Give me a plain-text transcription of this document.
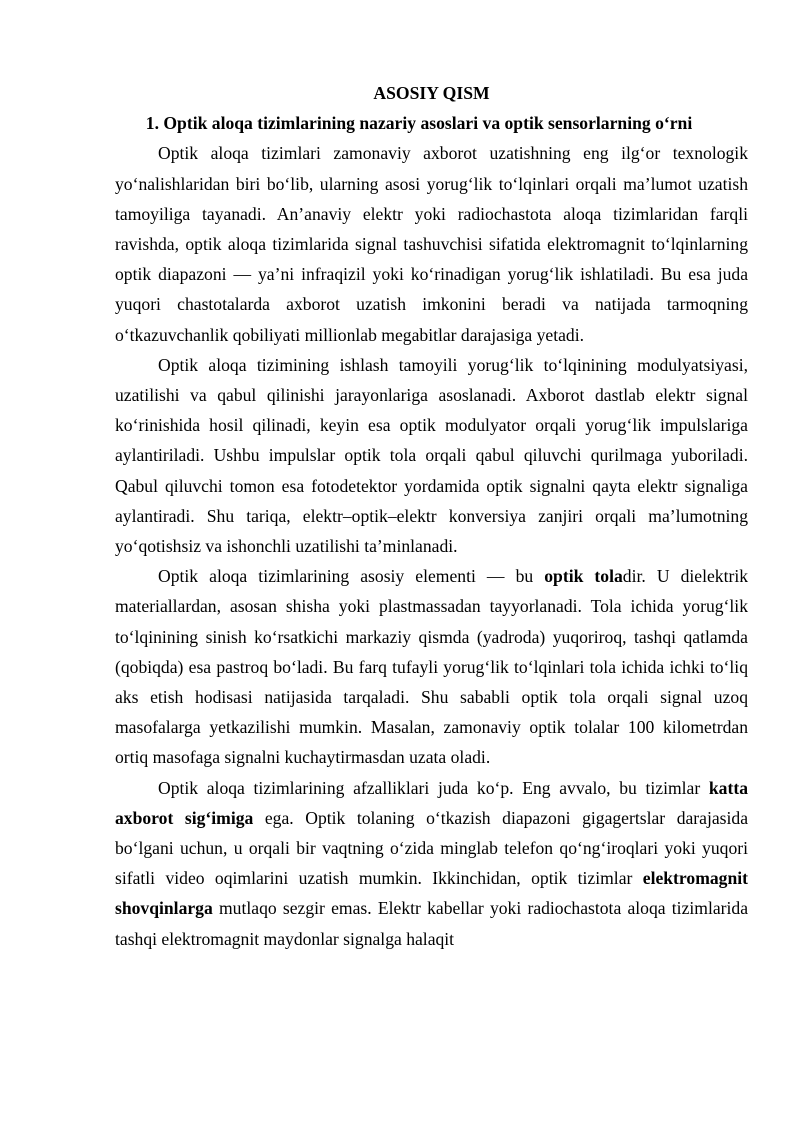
ASOSIY QISM
1. Optik aloqa tizimlarining nazariy asoslari va optik sensorlarning o‘rni

Optik aloqa tizimlari zamonaviy axborot uzatishning eng ilg‘or texnologik yo‘nalishlaridan biri bo‘lib, ularning asosi yorug‘lik to‘lqinlari orqali ma’lumot uzatish tamoyiliga tayanadi. An’anaviy elektr yoki radiochastota aloqa tizimlaridan farqli ravishda, optik aloqa tizimlarida signal tashuvchisi sifatida elektromagnit to‘lqinlarning optik diapazoni — ya’ni infraqizil yoki ko‘rinadigan yorug‘lik ishlatiladi. Bu esa juda yuqori chastotalarda axborot uzatish imkonini beradi va natijada tarmoqning o‘tkazuvchanlik qobiliyati millionlab megabitlar darajasiga yetadi.

Optik aloqa tizimining ishlash tamoyili yorug‘lik to‘lqinining modulyatsiyasi, uzatilishi va qabul qilinishi jarayonlariga asoslanadi. Axborot dastlab elektr signal ko‘rinishida hosil qilinadi, keyin esa optik modulyator orqali yorug‘lik impulslariga aylantiriladi. Ushbu impulslar optik tola orqali qabul qiluvchi qurilmaga yuboriladi. Qabul qiluvchi tomon esa fotodetektor yordamida optik signalni qayta elektr signaliga aylantiradi. Shu tariqa, elektr–optik–elektr konversiya zanjiri orqali ma’lumotning yo‘qotishsiz va ishonchli uzatilishi ta’minlanadi.

Optik aloqa tizimlarining asosiy elementi — bu optik toladir. U dielektrik materiallardan, asosan shisha yoki plastmassadan tayyorlanadi. Tola ichida yorug‘lik to‘lqinining sinish ko‘rsatkichi markaziy qismda (yadroda) yuqoriroq, tashqi qatlamda (qobiqda) esa pastroq bo‘ladi. Bu farq tufayli yorug‘lik to‘lqinlari tola ichida ichki to‘liq aks etish hodisasi natijasida tarqaladi. Shu sababli optik tola orqali signal uzoq masofalarga yetkazilishi mumkin. Masalan, zamonaviy optik tolalar 100 kilometrdan ortiq masofaga signalni kuchaytirmasdan uzata oladi.

Optik aloqa tizimlarining afzalliklari juda ko‘p. Eng avvalo, bu tizimlar katta axborot sig‘imiga ega. Optik tolaning o‘tkazish diapazoni gigagertslar darajasida bo‘lgani uchun, u orqali bir vaqtning o‘zida minglab telefon qo‘ng‘iroqlari yoki yuqori sifatli video oqimlarini uzatish mumkin. Ikkinchidan, optik tizimlar elektromagnit shovqinlarga mutlaqo sezgir emas. Elektr kabellar yoki radiochastota aloqa tizimlarida tashqi elektromagnit maydonlar signalga halaqit
